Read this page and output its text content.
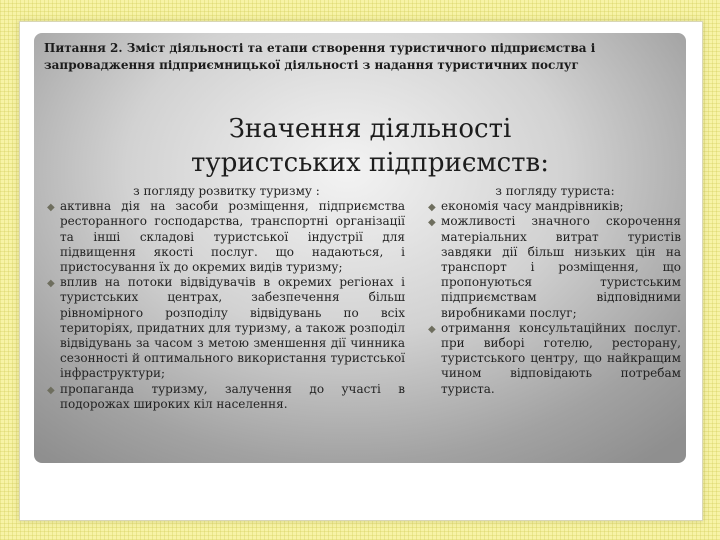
Питання 2. Зміст діяльності та етапи створення туристичного підприємства і запровадження підприємницької діяльності з надання туристичних послуг
Значення діяльності туристських підприємств:
з погляду розвитку туризму :
◆ активна дія на засоби розміщення, підприємства ресторанного господарства, транспортні організації та інші складові туристської індустрії для підвищення якості послуг. що надаються, і пристосування їх до окремих видів туризму;
◆ вплив на потоки відвідувачів в окремих регіонах і туристських центрах, забезпечення більш рівномірного розподілу відвідувань по всіх територіях, придатних для туризму, а також розподіл відвідувань за часом з метою зменшення дії чинника сезонності й оптимального використання туристської інфраструктури;
◆ пропаганда туризму, залучення до участі в подорожах широких кіл населення.
з погляду туриста:
◆ економія часу мандрівників;
◆ можливості значного скорочення матеріальних витрат туристів завдяки дії більш низьких цін на транспорт і розміщення, що пропонуються туристським підприємствам відповідними виробниками послуг;
◆ отримання консультаційних послуг. при виборі готелю, ресторану, туристського центру, що найкращим чином відповідають потребам туриста.
